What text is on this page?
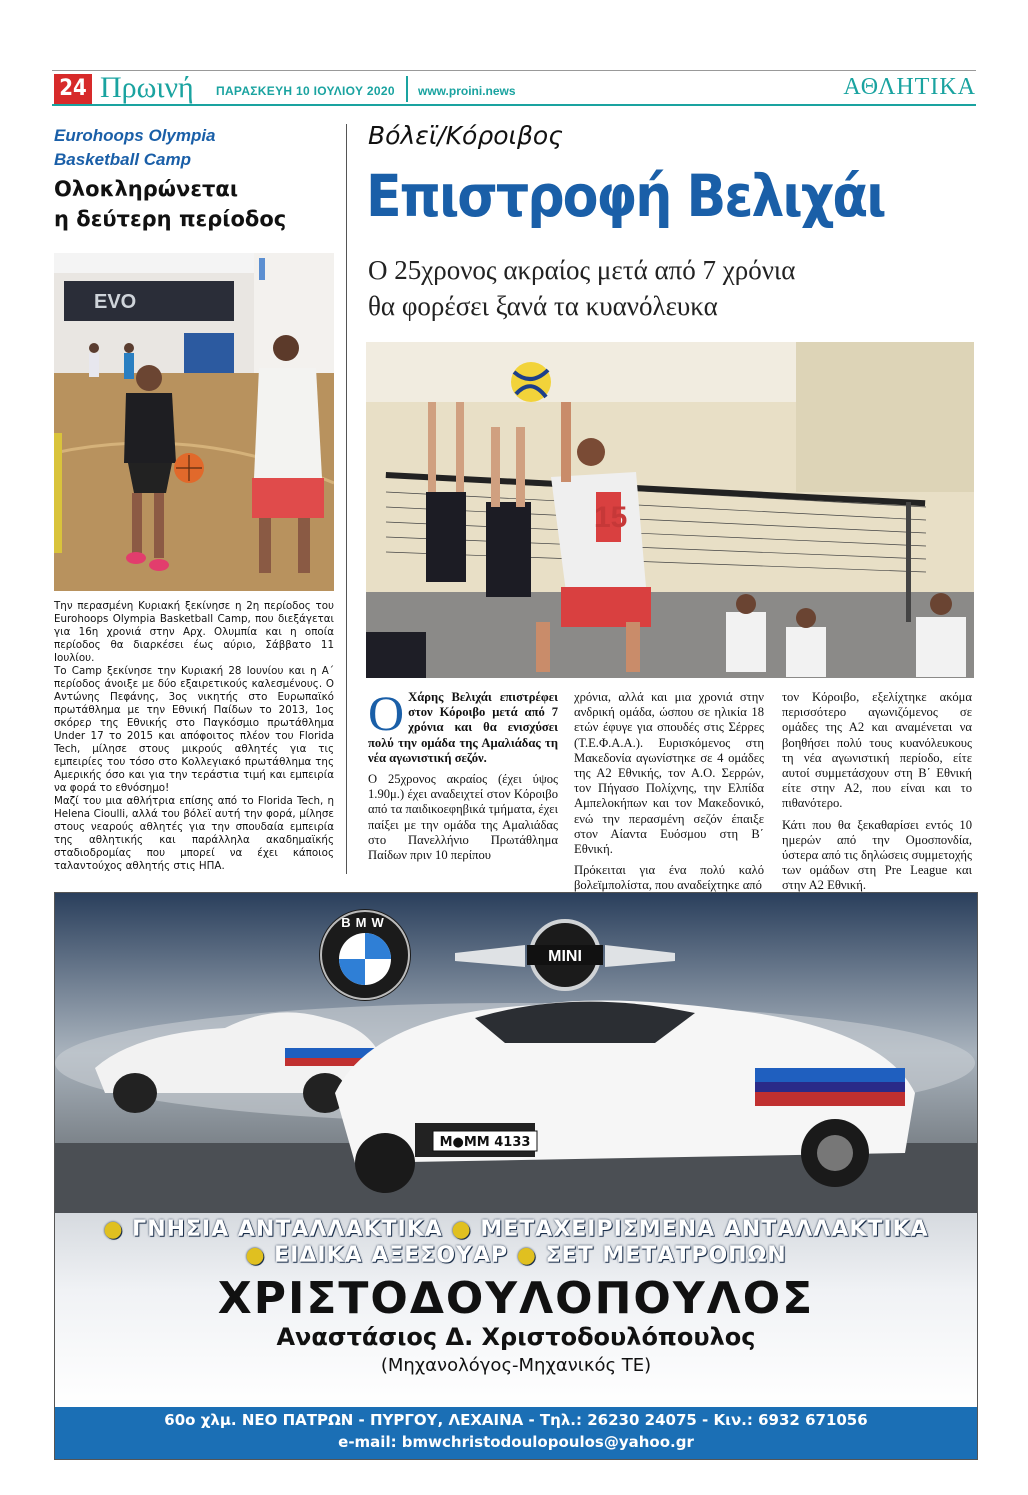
24 Πρωινή ΠΑΡΑΣΚΕΥΗ 10 ΙΟΥΛΙΟΥ 2020 www.proini.news	ΑΘΛΗΤΙΚΑ
Eurohoops Olympia
Basketball Camp
Ολοκληρώνεται
η δεύτερη περίοδος
EVO

Την περασμένη Κυριακή ξεκίνησε η 2η περίοδος του Eurohoops Olympia Basketball Camp, που διεξάγεται για 16η χρονιά στην Αρχ. Ολυμπία και η οποία περίοδος θα διαρκέσει έως αύριο, Σάββατο 11 Ιουλίου.

Το Camp ξεκίνησε την Κυριακή 28 Ιουνίου και η Α΄ περίοδος άνοιξε με δύο εξαιρετικούς καλεσμένους. Ο Αντώνης Πεφάνης, 3ος νικητής στο Ευρωπαϊκό πρωτάθλημα με την Εθνική Παίδων το 2013, 1ος σκόρερ της Εθνικής στο Παγκόσμιο πρωτάθλημα Under 17 το 2015 και απόφοιτος πλέον του Florida Tech, μίλησε στους μικρούς αθλητές για τις εμπειρίες του τόσο στο Κολλεγιακό πρωτάθλημα της Αμερικής όσο και για την τεράστια τιμή και εμπειρία να φορά το εθνόσημο!

Μαζί του μια αθλήτρια επίσης από το Florida Tech, η Helena Cioulli, αλλά του βόλεϊ αυτή την φορά, μίλησε στους νεαρούς αθλητές για την σπουδαία εμπειρία της αθλητικής και παράλληλα ακαδημαϊκής σταδιοδρομίας που μπορεί να έχει κάποιος ταλαντούχος αθλητής στις ΗΠΑ.

Βόλεϊ/Κόροιβος
Επιστροφή Βελιχάι
Ο 25χρονος ακραίος μετά από 7 χρόνια
θα φορέσει ξανά τα κυανόλευκα
15

Ο Χάρης Βελιχάι επιστρέφει στον Κόροιβο μετά από 7 χρόνια και θα ενισχύσει πολύ την ομάδα της Αμαλιάδας τη νέα αγωνιστική σεζόν.

Ο 25χρονος ακραίος (έχει ύψος 1.90μ.) έχει αναδειχτεί στον Κόροιβο από τα παιδικοεφηβικά τμήματα, έχει παίξει με την ομάδα της Αμαλιάδας στο Πανελλήνιο Πρωτάθλημα Παίδων πριν 10 περίπου

χρόνια, αλλά και μια χρονιά στην ανδρική ομάδα, ώσπου σε ηλικία 18 ετών έφυγε για σπουδές στις Σέρρες (Τ.Ε.Φ.Α.Α.). Ευρισκόμενος στη Μακεδονία αγωνίστηκε σε 4 ομάδες της Α2 Εθνικής, τον Α.Ο. Σερρών, τον Πήγασο Πολίχνης, την Ελπίδα Αμπελοκήπων και τον Μακεδονικό, ενώ την περασμένη σεζόν έπαιξε στον Αίαντα Ευόσμου στη Β΄ Εθνική.

Πρόκειται για ένα πολύ καλό βολεϊμπολίστα, που αναδείχτηκε από

τον Κόροιβο, εξελίχτηκε ακόμα περισσότερο αγωνιζόμενος σε ομάδες της Α2 και αναμένεται να βοηθήσει πολύ τους κυανόλευκους τη νέα αγωνιστική περίοδο, είτε αυτοί συμμετάσχουν στη Β΄ Εθνική είτε στην Α2, που είναι και το πιθανότερο.

Κάτι που θα ξεκαθαρίσει εντός 10 ημερών από την Ομοσπονδία, ύστερα από τις δηλώσεις συμμετοχής των ομάδων στη Pre League και στην Α2 Εθνική.

BMW
MINI
M●MM 4133
● ΓΝΗΣΙΑ ΑΝΤΑΛΛΑΚΤΙΚΑ ● ΜΕΤΑΧΕΙΡΙΣΜΕΝΑ ΑΝΤΑΛΛΑΚΤΙΚΑ
● ΕΙΔΙΚΑ ΑΞΕΣΟΥΑΡ ● ΣΕΤ ΜΕΤΑΤΡΟΠΩΝ
ΧΡΙΣΤΟΔΟΥΛΟΠΟΥΛΟΣ
Αναστάσιος Δ. Χριστοδουλόπουλος
(Μηχανολόγος-Μηχανικός ΤΕ)
60ο χλμ. ΝΕΟ ΠΑΤΡΩΝ - ΠΥΡΓΟΥ, ΛΕΧΑΙΝΑ - Τηλ.: 26230 24075 - Κιν.: 6932 671056
e-mail: bmwchristodoulopoulos@yahoo.gr
